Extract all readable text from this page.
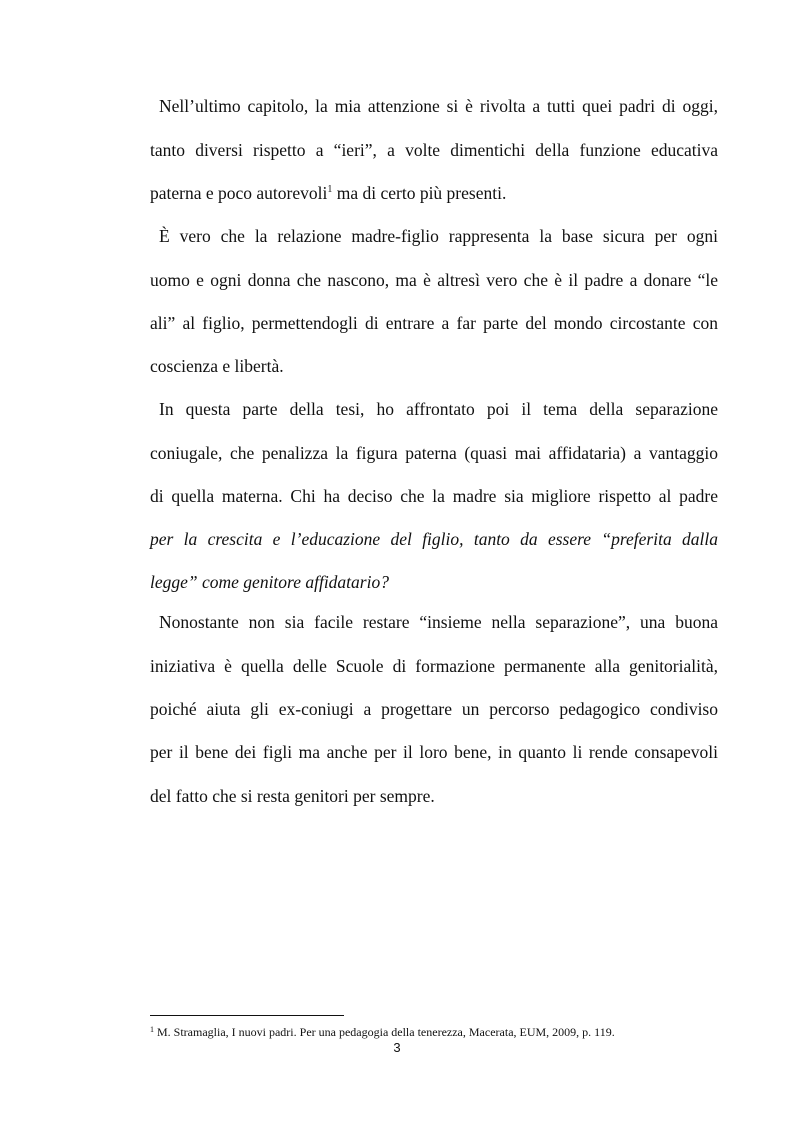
Nell’ultimo capitolo, la mia attenzione si è rivolta a tutti quei padri di oggi,
tanto diversi rispetto a “ieri”, a volte dimentichi della funzione educativa
paterna e poco autorevoli$^1$ ma di certo più presenti.
È vero che la relazione madre-figlio rappresenta la base sicura per ogni
uomo e ogni donna che nascono, ma è altresì vero che è il padre a donare “le
ali” al figlio, permettendogli di entrare a far parte del mondo circostante con
coscienza e libertà.
In questa parte della tesi, ho affrontato poi il tema della separazione
coniugale, che penalizza la figura paterna (quasi mai affidataria) a vantaggio
di quella materna. Chi ha deciso che la madre sia migliore rispetto al padre
per la crescita e l’educazione del figlio, tanto da essere “preferita dalla
legge” come genitore affidatario?
Nonostante non sia facile restare “insieme nella separazione”, una buona
iniziativa è quella delle Scuole di formazione permanente alla genitorialità,
poiché aiuta gli ex-coniugi a progettare un percorso pedagogico condiviso
per il bene dei figli ma anche per il loro bene, in quanto li rende consapevoli
del fatto che si resta genitori per sempre.
$^1$ M. Stramaglia, I nuovi padri. Per una pedagogia della tenerezza, Macerata, EUM, 2009, p. 119.
3
